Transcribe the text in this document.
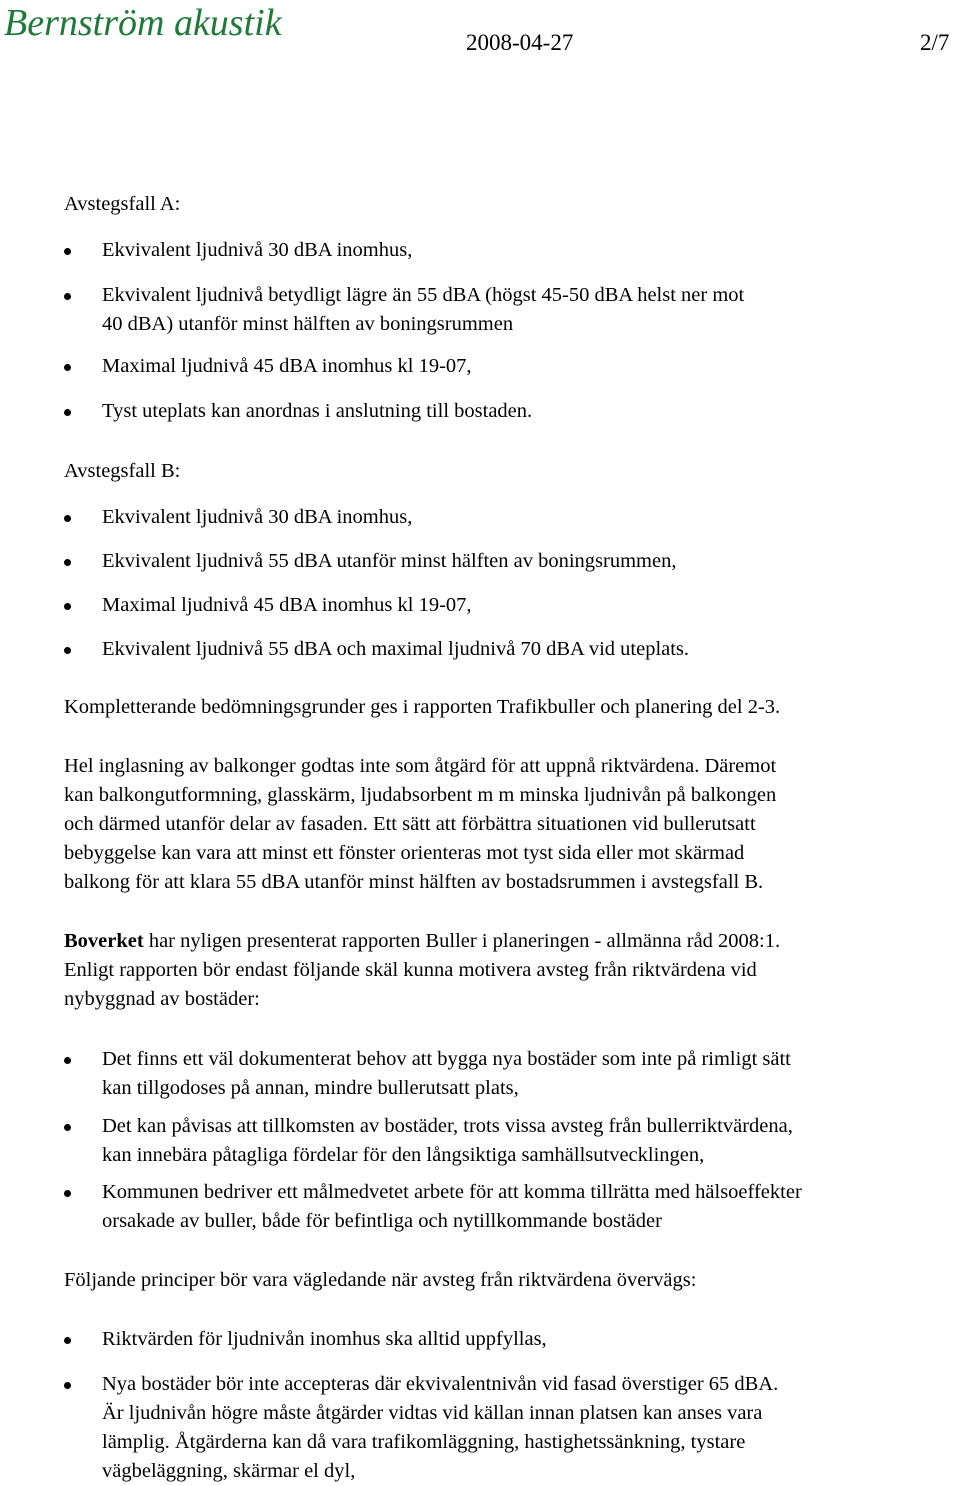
Bernström akustik	2008-04-27	2/7
Avstegsfall A:
Ekvivalent ljudnivå 30 dBA inomhus,
Ekvivalent ljudnivå betydligt lägre än 55 dBA (högst 45-50 dBA helst ner mot
40 dBA) utanför minst hälften av boningsrummen
Maximal ljudnivå 45 dBA inomhus kl 19-07,
Tyst uteplats kan anordnas i anslutning till bostaden.
Avstegsfall B:
Ekvivalent ljudnivå 30 dBA inomhus,
Ekvivalent ljudnivå 55 dBA utanför minst hälften av boningsrummen,
Maximal ljudnivå 45 dBA inomhus kl 19-07,
Ekvivalent ljudnivå 55 dBA och maximal ljudnivå 70 dBA vid uteplats.
Kompletterande bedömningsgrunder ges i rapporten Trafikbuller och planering del 2-3.
Hel inglasning av balkonger godtas inte som åtgärd för att uppnå riktvärdena. Däremot
kan balkongutformning, glasskärm, ljudabsorbent m m minska ljudnivån på balkongen
och därmed utanför delar av fasaden. Ett sätt att förbättra situationen vid bullerutsatt
bebyggelse kan vara att minst ett fönster orienteras mot tyst sida eller mot skärmad
balkong för att klara 55 dBA utanför minst hälften av bostadsrummen i avstegsfall B.
Boverket har nyligen presenterat rapporten Buller i planeringen - allmänna råd 2008:1.
Enligt rapporten bör endast följande skäl kunna motivera avsteg från riktvärdena vid
nybyggnad av bostäder:
Det finns ett väl dokumenterat behov att bygga nya bostäder som inte på rimligt sätt
kan tillgodoses på annan, mindre bullerutsatt plats,
Det kan påvisas att tillkomsten av bostäder, trots vissa avsteg från bullerriktvärdena,
kan innebära påtagliga fördelar för den långsiktiga samhällsutvecklingen,
Kommunen bedriver ett målmedvetet arbete för att komma tillrätta med hälsoeffekter
orsakade av buller, både för befintliga och nytillkommande bostäder
Följande principer bör vara vägledande när avsteg från riktvärdena övervägs:
Riktvärden för ljudnivån inomhus ska alltid uppfyllas,
Nya bostäder bör inte accepteras där ekvivalentnivån vid fasad överstiger 65 dBA.
Är ljudnivån högre måste åtgärder vidtas vid källan innan platsen kan anses vara
lämplig. Åtgärderna kan då vara trafikomläggning, hastighetssänkning, tystare
vägbeläggning, skärmar el dyl,
